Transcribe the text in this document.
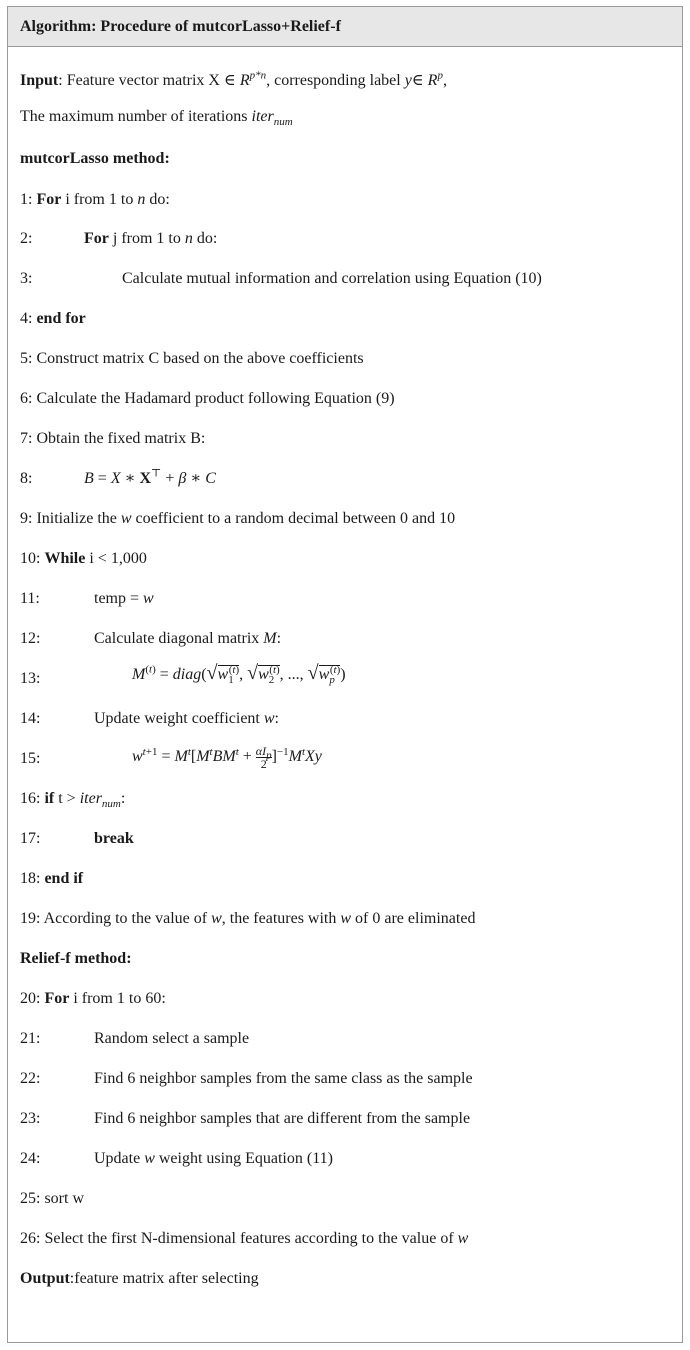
Algorithm: Procedure of mutcorLasso+Relief-f
Input: Feature vector matrix X ∈ $R^{p*n}$, corresponding label y∈ $R^p$,
The maximum number of iterations iter$_{num}$
mutcorLasso method:
1: For i from 1 to n do:
2:	For j from 1 to n do:
3:	Calculate mutual information and correlation using Equation (10)
4: end for
5: Construct matrix C based on the above coefficients
6: Calculate the Hadamard product following Equation (9)
7: Obtain the fixed matrix B:
8:	B = X ∗ X⊤ + β ∗ C
9: Initialize the w coefficient to a random decimal between 0 and 10
10: While i < 1,000
11:	temp = w
12:	Calculate diagonal matrix M:
13:	$M^{(t)}$ = $diag(√w_1^{(t)}$, $√w_2^{(t)}$, ..., $√w_p^{(t)}$)
14:	Update weight coefficient w:
15:	$w^{t+1} = M^t[M^tBM^t + \alpha I_p$
2 ]$^{-1}M^tXy$
16: if t > iter$_{num}$:
17:	break
18: end if
19: According to the value of w, the features with w of 0 are eliminated
Relief-f method:
20: For i from 1 to 60:
21:	Random select a sample
22:	Find 6 neighbor samples from the same class as the sample
23:	Find 6 neighbor samples that are different from the sample
24:	Update w weight using Equation (11)
25: sort w
26: Select the first N-dimensional features according to the value of w
Output:feature matrix after selecting
